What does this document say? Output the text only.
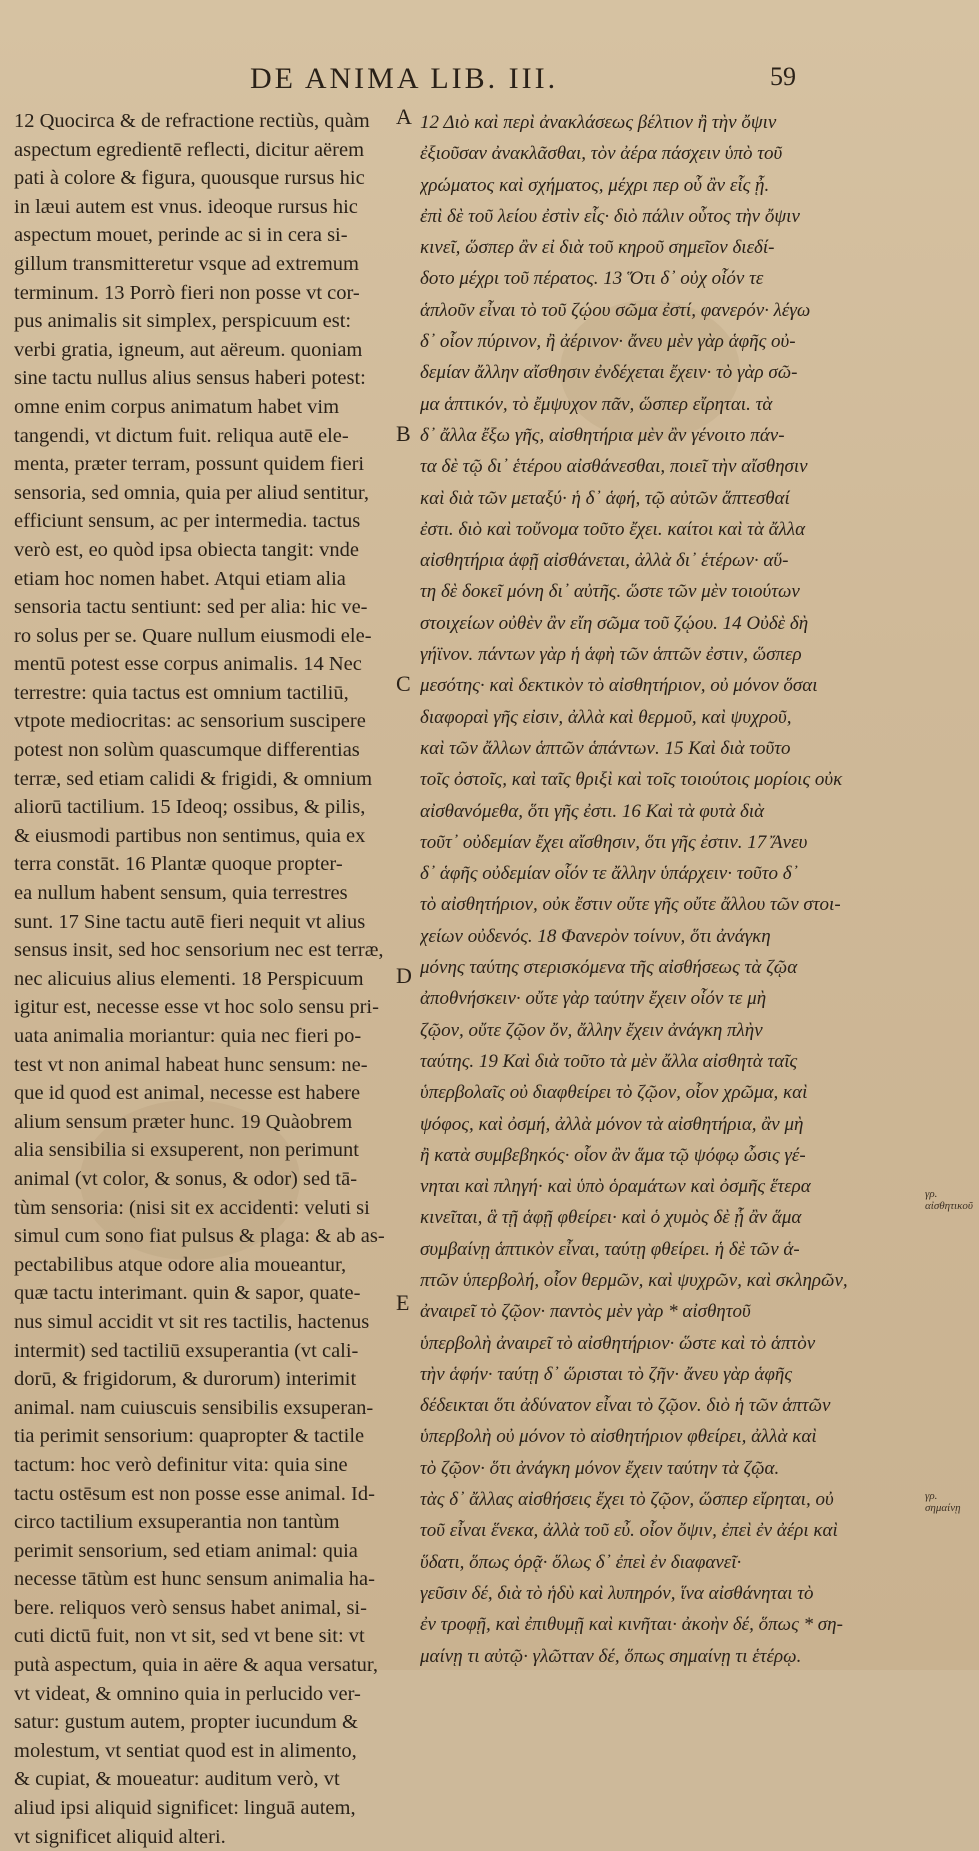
DE ANIMA LIB. III.	59
12 Quocirca & de refractione rectiùs, quàm
aspectum egredientē reflecti, dicitur aërem
pati à colore & figura, quousque rursus hic
in læui autem est vnus. ideoque rursus hic
aspectum mouet, perinde ac si in cera si-
gillum transmitteretur vsque ad extremum
terminum. 13 Porrò fieri non posse vt cor-
pus animalis sit simplex, perspicuum est:
verbi gratia, igneum, aut aëreum. quoniam
sine tactu nullus alius sensus haberi potest:
omne enim corpus animatum habet vim
tangendi, vt dictum fuit. reliqua autē ele-
menta, præter terram, possunt quidem fieri
sensoria, sed omnia, quia per aliud sentitur,
efficiunt sensum, ac per intermedia. tactus
verò est, eo quòd ipsa obiecta tangit: vnde
etiam hoc nomen habet. Atqui etiam alia
sensoria tactu sentiunt: sed per alia: hic ve-
ro solus per se. Quare nullum eiusmodi ele-
mentū potest esse corpus animalis. 14 Nec
terrestre: quia tactus est omnium tactiliū,
vtpote mediocritas: ac sensorium suscipere
potest non solùm quascumque differentias
terræ, sed etiam calidi & frigidi, & omnium
aliorū tactilium. 15 Ideoq; ossibus, & pilis,
& eiusmodi partibus non sentimus, quia ex
terra constāt. 16 Plantæ quoque propter-
ea nullum habent sensum, quia terrestres
sunt. 17 Sine tactu autē fieri nequit vt alius
sensus insit, sed hoc sensorium nec est terræ,
nec alicuius alius elementi. 18 Perspicuum
igitur est, necesse esse vt hoc solo sensu pri-
uata animalia moriantur: quia nec fieri po-
test vt non animal habeat hunc sensum: ne-
que id quod est animal, necesse est habere
alium sensum præter hunc. 19 Quàobrem
alia sensibilia si exsuperent, non perimunt
animal (vt color, & sonus, & odor) sed tā-
tùm sensoria: (nisi sit ex accidenti: veluti si
simul cum sono fiat pulsus & plaga: & ab as-
pectabilibus atque odore alia moueantur,
quæ tactu interimant. quin & sapor, quate-
nus simul accidit vt sit res tactilis, hactenus
intermit) sed tactiliū exsuperantia (vt cali-
dorū, & frigidorum, & durorum) interimit
animal. nam cuiuscuis sensibilis exsuperan-
tia perimit sensorium: quapropter & tactile
tactum: hoc verò definitur vita: quia sine
tactu ostēsum est non posse esse animal. Id-
circo tactilium exsuperantia non tantùm
perimit sensorium, sed etiam animal: quia
necesse tātùm est hunc sensum animalia ha-
bere. reliquos verò sensus habet animal, si-
cuti dictū fuit, non vt sit, sed vt bene sit: vt
putà aspectum, quia in aëre & aqua versatur,
vt videat, & omnino quia in perlucido ver-
satur: gustum autem, propter iucundum &
molestum, vt sentiat quod est in alimento,
& cupiat, & moueatur: auditum verò, vt
aliud ipsi aliquid significet: linguā autem,
vt significet aliquid alteri.
12 Διὸ καὶ περὶ ἀνακλάσεως βέλτιον ἢ τὴν ὄψιν
ἐξιοῦσαν ἀνακλᾶσθαι, τὸν ἀέρα πάσχειν ὑπὸ τοῦ
χρώματος καὶ σχήματος, μέχρι περ οὗ ἂν εἷς ᾖ.
ἐπὶ δὲ τοῦ λείου ἐστὶν εἷς· διὸ πάλιν οὗτος τὴν ὄψιν
κινεῖ, ὥσπερ ἂν εἰ διὰ τοῦ κηροῦ σημεῖον διεδί-
δοτο μέχρι τοῦ πέρατος. 13 Ὅτι δ᾽ οὐχ οἷόν τε
ἁπλοῦν εἶναι τὸ τοῦ ζῴου σῶμα ἐστί, φανερόν· λέγω
δ᾽ οἷον πύρινον, ἢ ἀέρινον· ἄνευ μὲν γὰρ ἁφῆς οὐ-
δεμίαν ἄλλην αἴσθησιν ἐνδέχεται ἔχειν· τὸ γὰρ σῶ-
μα ἁπτικόν, τὸ ἔμψυχον πᾶν, ὥσπερ εἴρηται. τὰ
δ᾽ ἄλλα ἔξω γῆς, αἰσθητήρια μὲν ἂν γένοιτο πάν-
τα δὲ τῷ δι᾽ ἑτέρου αἰσθάνεσθαι, ποιεῖ τὴν αἴσθησιν
καὶ διὰ τῶν μεταξύ· ἡ δ᾽ ἁφή, τῷ αὐτῶν ἅπτεσθαί
ἐστι. διὸ καὶ τοὔνομα τοῦτο ἔχει. καίτοι καὶ τὰ ἄλλα
αἰσθητήρια ἁφῇ αἰσθάνεται, ἀλλὰ δι᾽ ἑτέρων· αὕ-
τη δὲ δοκεῖ μόνη δι᾽ αὐτῆς. ὥστε τῶν μὲν τοιούτων
στοιχείων οὐθὲν ἂν εἴη σῶμα τοῦ ζῴου. 14 Οὐδὲ δὴ
γήϊνον. πάντων γὰρ ἡ ἁφὴ τῶν ἁπτῶν ἐστιν, ὥσπερ
μεσότης· καὶ δεκτικὸν τὸ αἰσθητήριον, οὐ μόνον ὅσαι
διαφοραὶ γῆς εἰσιν, ἀλλὰ καὶ θερμοῦ, καὶ ψυχροῦ,
καὶ τῶν ἄλλων ἁπτῶν ἁπάντων. 15 Καὶ διὰ τοῦτο
τοῖς ὀστοῖς, καὶ ταῖς θριξὶ καὶ τοῖς τοιούτοις μορίοις οὐκ
αἰσθανόμεθα, ὅτι γῆς ἐστι. 16 Καὶ τὰ φυτὰ διὰ
τοῦτ᾽ οὐδεμίαν ἔχει αἴσθησιν, ὅτι γῆς ἐστιν. 17 Ἄνευ
δ᾽ ἁφῆς οὐδεμίαν οἷόν τε ἄλλην ὑπάρχειν· τοῦτο δ᾽
τὸ αἰσθητήριον, οὐκ ἔστιν οὔτε γῆς οὔτε ἄλλου τῶν στοι-
χείων οὐδενός. 18 Φανερὸν τοίνυν, ὅτι ἀνάγκη
μόνης ταύτης στερισκόμενα τῆς αἰσθήσεως τὰ ζῷα
ἀποθνήσκειν· οὔτε γὰρ ταύτην ἔχειν οἷόν τε μὴ
ζῷον, οὔτε ζῷον ὄν, ἄλλην ἔχειν ἀνάγκη πλὴν
ταύτης. 19 Καὶ διὰ τοῦτο τὰ μὲν ἄλλα αἰσθητὰ ταῖς
ὑπερβολαῖς οὐ διαφθείρει τὸ ζῷον, οἷον χρῶμα, καὶ
ψόφος, καὶ ὀσμή, ἀλλὰ μόνον τὰ αἰσθητήρια, ἂν μὴ
ἢ κατὰ συμβεβηκός· οἷον ἂν ἅμα τῷ ψόφῳ ὦσις γέ-
νηται καὶ πληγή· καὶ ὑπὸ ὁραμάτων καὶ ὀσμῆς ἕτερα
κινεῖται, ἃ τῇ ἁφῇ φθείρει· καὶ ὁ χυμὸς δὲ ᾗ ἂν ἅμα
συμβαίνῃ ἁπτικὸν εἶναι, ταύτῃ φθείρει. ἡ δὲ τῶν ἁ-
πτῶν ὑπερβολή, οἷον θερμῶν, καὶ ψυχρῶν, καὶ σκληρῶν,
ἀναιρεῖ τὸ ζῷον· παντὸς μὲν γὰρ * αἰσθητοῦ
ὑπερβολὴ ἀναιρεῖ τὸ αἰσθητήριον· ὥστε καὶ τὸ ἁπτὸν
τὴν ἁφήν· ταύτῃ δ᾽ ὥρισται τὸ ζῆν· ἄνευ γὰρ ἁφῆς
δέδεικται ὅτι ἀδύνατον εἶναι τὸ ζῷον. διὸ ἡ τῶν ἁπτῶν
ὑπερβολὴ οὐ μόνον τὸ αἰσθητήριον φθείρει, ἀλλὰ καὶ
τὸ ζῷον· ὅτι ἀνάγκη μόνον ἔχειν ταύτην τὰ ζῷα.
τὰς δ᾽ ἄλλας αἰσθήσεις ἔχει τὸ ζῷον, ὥσπερ εἴρηται, οὐ
τοῦ εἶναι ἕνεκα, ἀλλὰ τοῦ εὖ. οἷον ὄψιν, ἐπεὶ ἐν ἀέρι καὶ
ὕδατι, ὅπως ὁρᾷ· ὅλως δ᾽ ἐπεὶ ἐν διαφανεῖ·
γεῦσιν δέ, διὰ τὸ ἡδὺ καὶ λυπηρόν, ἵνα αἰσθάνηται τὸ
ἐν τροφῇ, καὶ ἐπιθυμῇ καὶ κινῆται· ἀκοὴν δέ, ὅπως * ση-
μαίνῃ τι αὐτῷ· γλῶτταν δέ, ὅπως σημαίνῃ τι ἑτέρῳ.
A
B
C
D
E
γρ. αἰσθητικοῦ
γρ. σημαίνῃ
